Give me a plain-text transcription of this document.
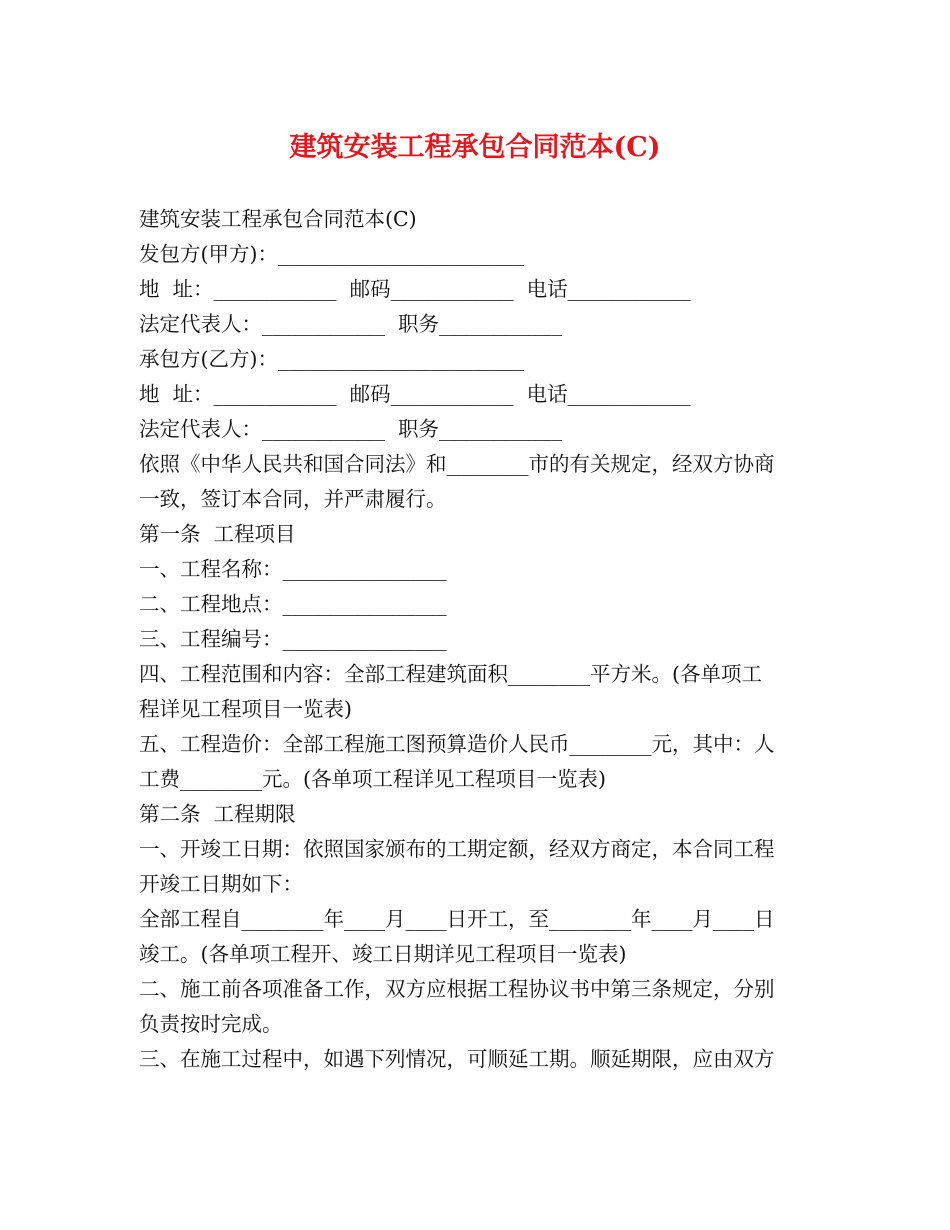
建筑安装工程承包合同范本(C)
建筑安装工程承包合同范本(C)
发包方(甲方)：________________________
地  址：____________  邮码____________  电话____________
法定代表人：____________  职务____________
承包方(乙方)：________________________
地  址：____________  邮码____________  电话____________
法定代表人：____________  职务____________
依照《中华人民共和国合同法》和________市的有关规定，经双方协商
一致，签订本合同，并严肃履行。
第一条  工程项目
一、工程名称：________________
二、工程地点：________________
三、工程编号：________________
四、工程范围和内容：全部工程建筑面积________平方米。(各单项工
程详见工程项目一览表)
五、工程造价：全部工程施工图预算造价人民币________元，其中：人
工费________元。(各单项工程详见工程项目一览表)
第二条  工程期限
一、开竣工日期：依照国家颁布的工期定额，经双方商定，本合同工程
开竣工日期如下：
全部工程自________年____月____日开工，至________年____月____日
竣工。(各单项工程开、竣工日期详见工程项目一览表)
二、施工前各项准备工作，双方应根据工程协议书中第三条规定，分别
负责按时完成。
三、在施工过程中，如遇下列情况，可顺延工期。顺延期限，应由双方
